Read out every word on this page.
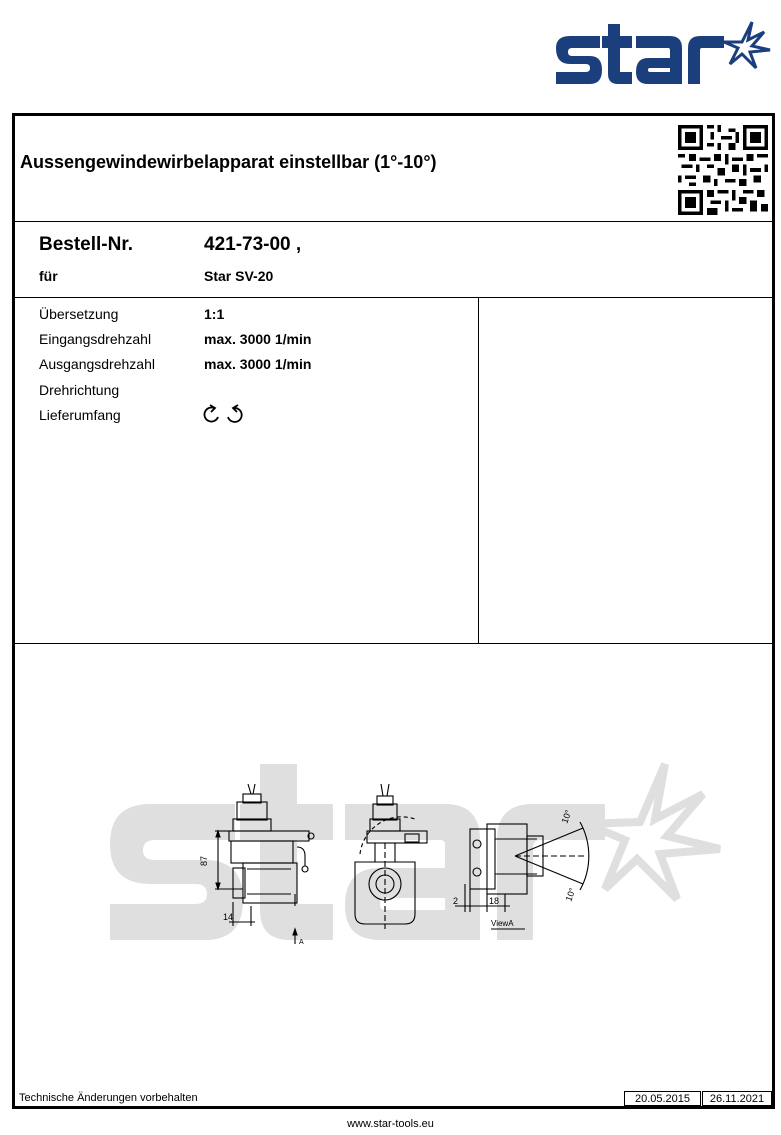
Aussengewindewirbelapparat einstellbar (1°-10°)
Bestell-Nr.	421-73-00 ,
für	Star SV-20
Übersetzung	1:1
Eingangsdrehzahl	max. 3000 1/min
Ausgangsdrehzahl	max. 3000 1/min
Drehrichtung
Lieferumfang
87
14
A
10°
10°
2	18
ViewA
Technische Änderungen vorbehalten	20.05.2015	26.11.2021
www.star-tools.eu
